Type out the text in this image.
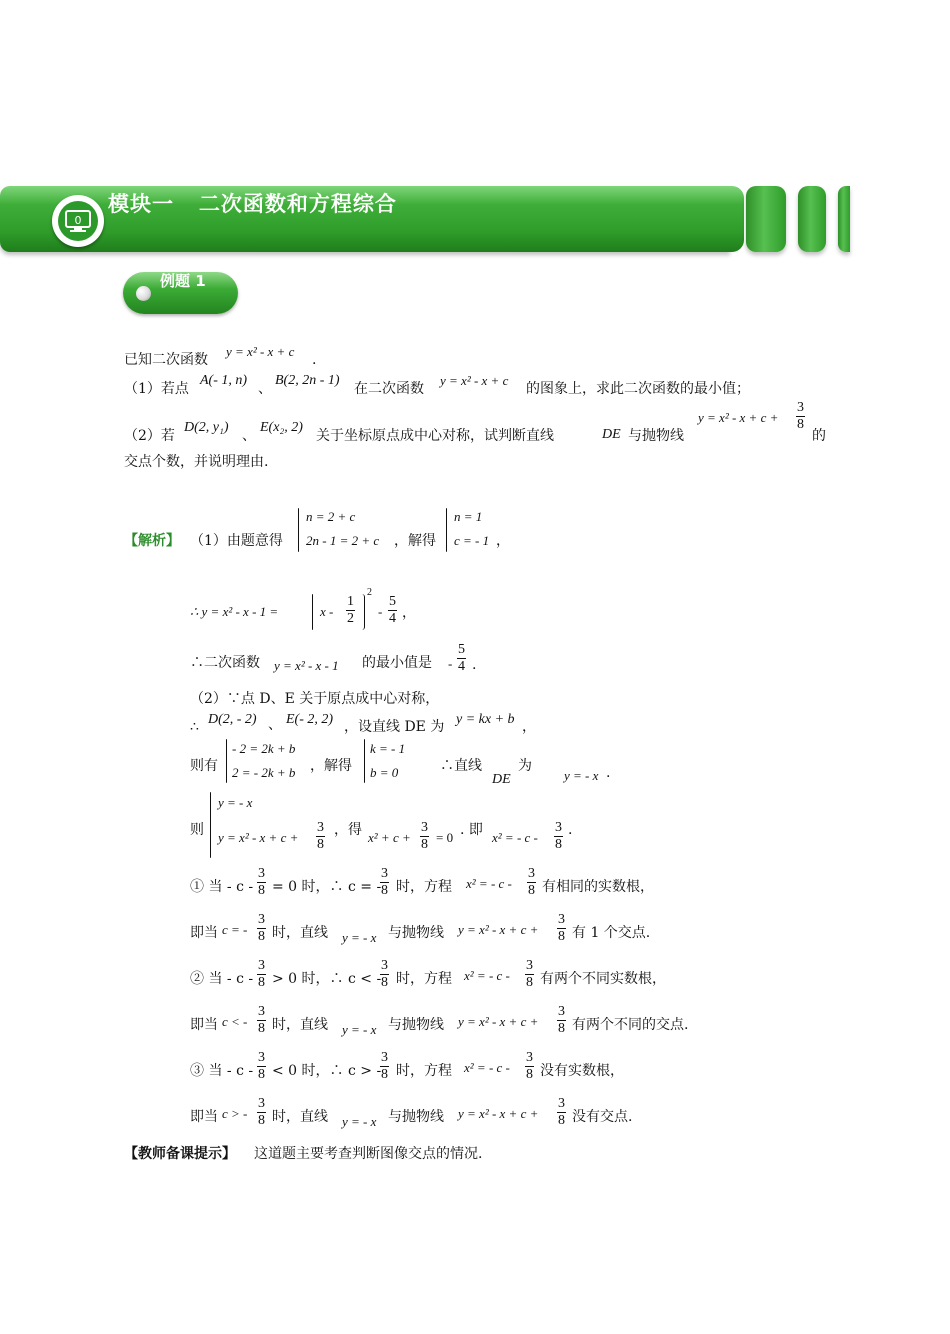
0
模块一   二次函数和方程综合
例题 1
已知二次函数
y = x² - x + c
.
（1）若点
A(- 1, n)
、
B(2, 2n - 1)
在二次函数
y = x² - x + c
的图象上，求此二次函数的最小值；
（2）若
D(2, y₁)
、
E(x₂, 2)
关于坐标原点成中心对称，试判断直线	DE 与抛物线
$y = x^2 - x + c + \frac{3}{8}$
的
交点个数，并说明理由.
【解析】 （1）由题意得
n = 2 + c
2n - 1 = 2 + c ，解得
n = 1
c = - 1 ，
∴ y = x² - x - 1 =	x - $\frac{1}{2}$
2
- $\frac{5}{4}$ ，
∴二次函数 y = x² - x - 1 的最小值是 - $\frac{5}{4}$ .
（2）∵点 D、E 关于原点成中心对称，
∴ D(2, - 2) 、 E(- 2, 2) ，设直线 DE 为 y = kx + b ，
则有
- 2 = 2k + b
2 = - 2k + b ，解得
k = - 1
b = 0	∴直线
DE
为
y = - x .
则
y = - x
$y = x^2 - x + c + \frac{3}{8}$ ，得 $x^2 + c + \frac{3}{8} = 0$ . 即 x² = - c - $\frac{3}{8}$ .
① 当 - $c - \frac{3}{8} = 0$ 时，∴ c = -
$\frac{3}{8}$ 时，方程 x² = - c - $\frac{3}{8}$ 有相同的实数根，
即当 c = - $\frac{3}{8}$ 时，直线 y = - x 与抛物线 $y = x^2 - x + c + \frac{3}{8}$ 有 1 个交点.
② 当 - $c - \frac{3}{8} > 0$ 时，∴ c < -
$\frac{3}{8}$ 时，方程 x² = - c - $\frac{3}{8}$ 有两个不同实数根，
即当 c < - $\frac{3}{8}$ 时，直线 y = - x 与抛物线 $y = x^2 - x + c + \frac{3}{8}$ 有两个不同的交点.
③ 当 - $c - \frac{3}{8} < 0$ 时，∴ c > -
$\frac{3}{8}$ 时，方程 x² = - c - $\frac{3}{8}$ 没有实数根，
即当 c > - $\frac{3}{8}$ 时，直线 y = - x 与抛物线 $y = x^2 - x + c + \frac{3}{8}$ 没有交点.
【教师备课提示】 这道题主要考查判断图像交点的情况.
